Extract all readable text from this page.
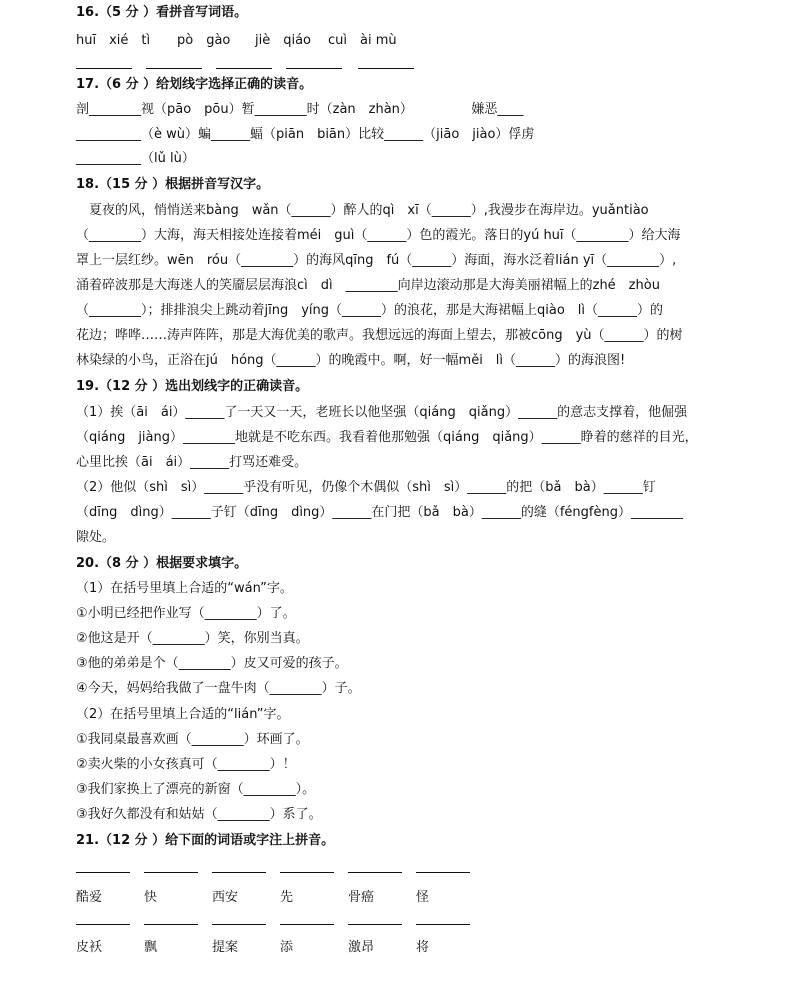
16.（5 分 ）看拼音写词语。
huī　xié　tì pò　gào jiè　qiáo cuì　ài mù
17.（6 分 ）给划线字选择正确的读音。
剖________视（pāo　pōu）暂________时（zàn　zhàn）　　　　　嫌恶____
__________（è wù）蝙______蝠（piān　biān）比较______（jiāo　jiào）俘虏
__________（lǔ lù）
18.（15 分 ）根据拼音写汉字。
　夏夜的风，悄悄送来bàng　wǎn（______）醉人的qì　xī（______）,我漫步在海岸边。yuǎntiào
（________）大海，海天相接处连接着méi　guì（______）色的霞光。落日的yú huī（________）给大海
罩上一层红纱。wēn　róu（________）的海风qīng　fú（______）海面，海水泛着lián yī（________）,
涌着碎波那是大海迷人的笑靥层层海浪cì　dì　________向岸边滚动那是大海美丽裙幅上的zhé　zhòu
（________）；排排浪尖上跳动着jīng　yíng（______）的浪花，那是大海裙幅上qiào　lì（______）的
花边；哗哗……涛声阵阵，那是大海优美的歌声。我想远远的海面上望去，那被cōng　yù（______）的树
林染绿的小鸟，正浴在jú　hóng（______）的晚霞中。啊，好一幅měi　lì（______）的海浪图!
19.（12 分 ）选出划线字的正确读音。
（1）挨（āi　ái）______了一天又一天，老班长以他坚强（qiáng　qiǎng）______的意志支撑着，他倔强
（qiáng　jiàng）________地就是不吃东西。我看着他那勉强（qiáng　qiǎng）______睁着的慈祥的目光，
心里比挨（āi　ái）______打骂还难受。
（2）他似（shì　sì）______乎没有听见，仍像个木偶似（shì　sì）______的把（bǎ　bà）______钉
（dīng　dìng）______子钉（dīng　dìng）______在门把（bǎ　bà）______的缝（féngfèng）________
隙处。
20.（8 分 ）根据要求填字。
（1）在括号里填上合适的“wán”字。
①小明已经把作业写（________）了。
②他这是开（________）笑，你别当真。
③他的弟弟是个（________）皮又可爱的孩子。
④今天，妈妈给我做了一盘牛肉（________）子。
（2）在括号里填上合适的“lián”字。
①我同桌最喜欢画（________）环画了。
②卖火柴的小女孩真可（________）！
③我们家换上了漂亮的新窗（________）。
③我好久都没有和姑姑（________）系了。
21.（12 分 ）给下面的词语或字注上拼音。
酷爱	快	西安	先	骨癌	怪
皮袄	飘	提案	添	激昂	将
